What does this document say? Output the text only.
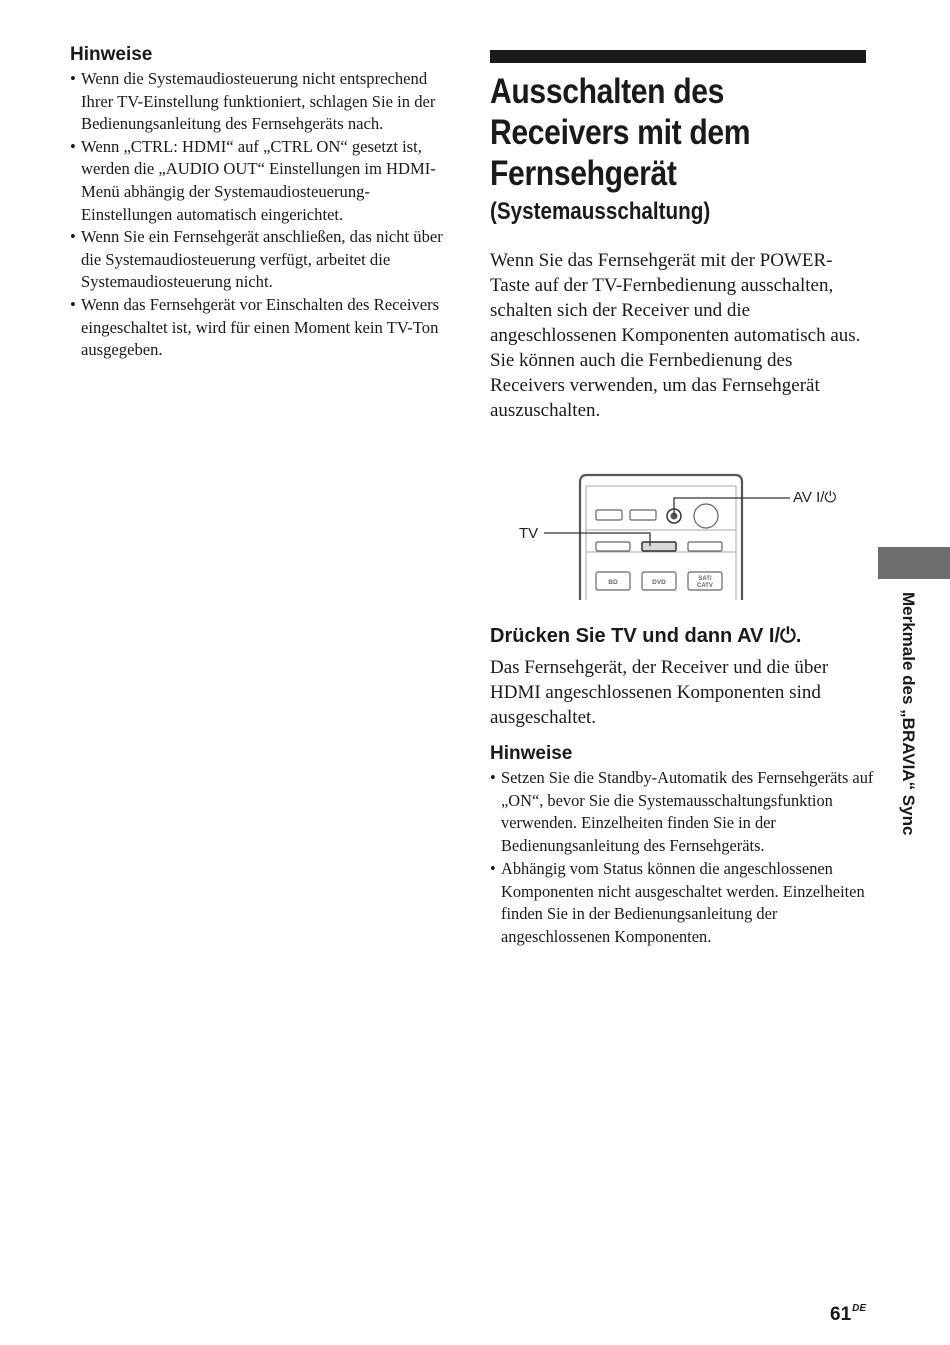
Hinweise
• Wenn die Systemaudiosteuerung nicht entsprechend Ihrer TV-Einstellung funktioniert, schlagen Sie in der Bedienungsanleitung des Fernsehgeräts nach.
• Wenn „CTRL: HDMI“ auf „CTRL ON“ gesetzt ist, werden die „AUDIO OUT“ Einstellungen im HDMI-Menü abhängig der Systemaudiosteuerung-Einstellungen automatisch eingerichtet.
• Wenn Sie ein Fernsehgerät anschließen, das nicht über die Systemaudiosteuerung verfügt, arbeitet die Systemaudiosteuerung nicht.
• Wenn das Fernsehgerät vor Einschalten des Receivers eingeschaltet ist, wird für einen Moment kein TV-Ton ausgegeben.
Ausschalten des
Receivers mit dem
Fernsehgerät
(Systemausschaltung)

Wenn Sie das Fernsehgerät mit der POWER-Taste auf der TV-Fernbedienung ausschalten, schalten sich der Receiver und die angeschlossenen Komponenten automatisch aus.

Sie können auch die Fernbedienung des Receivers verwenden, um das Fernsehgerät auszuschalten.

BD	DVD	SAT/
CATV
TV
AV I/⏻
Drücken Sie TV und dann AV I/⏻.

Das Fernsehgerät, der Receiver und die über HDMI angeschlossenen Komponenten sind ausgeschaltet.

Hinweise
• Setzen Sie die Standby-Automatik des Fernsehgeräts auf „ON“, bevor Sie die Systemausschaltungsfunktion verwenden. Einzelheiten finden Sie in der Bedienungsanleitung des Fernsehgeräts.
• Abhängig vom Status können die angeschlossenen Komponenten nicht ausgeschaltet werden. Einzelheiten finden Sie in der Bedienungsanleitung der angeschlossenen Komponenten.
Merkmale des „BRAVIA“ Sync
61DE
